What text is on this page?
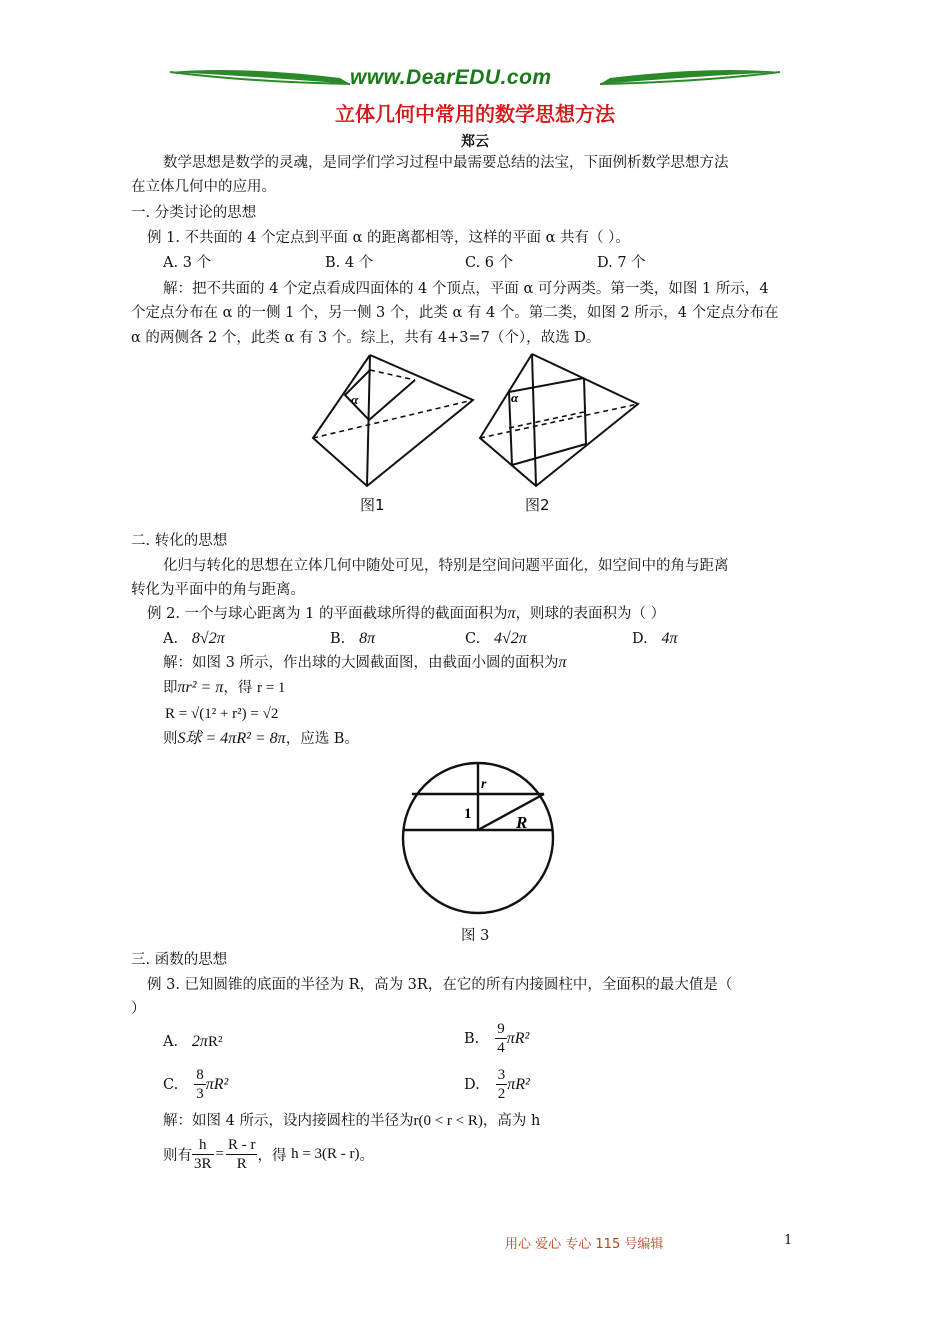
www.DearEDU.com
立体几何中常用的数学思想方法
郑云
数学思想是数学的灵魂，是同学们学习过程中最需要总结的法宝，下面例析数学思想方法
在立体几何中的应用。
一. 分类讨论的思想
例 1. 不共面的 4 个定点到平面 α 的距离都相等，这样的平面 α 共有（ ）。
A. 3 个	B. 4 个	C. 6 个	D. 7 个
解：把不共面的 4 个定点看成四面体的 4 个顶点，平面 α 可分两类。第一类，如图 1 所示，4
个定点分布在 α 的一侧 1 个，另一侧 3 个，此类 α 有 4 个。第二类，如图 2 所示，4 个定点分布在
α 的两侧各 2 个，此类 α 有 3 个。综上，共有 4+3=7（个），故选 D。
α
图1
α
图2
二. 转化的思想
化归与转化的思想在立体几何中随处可见，特别是空间问题平面化，如空间中的角与距离
转化为平面中的角与距离。
例 2. 一个与球心距离为 1 的平面截球所得的截面面积为π，则球的表面积为（ ）
A. 8√2π	B. 8π	C. 4√2π	D. 4π
解：如图 3 所示，作出球的大圆截面图，由截面小圆的面积为π
即πr² = π，得 r = 1
R = √(1² + r²) = √2
则S球 = 4πR² = 8π，应选 B。
r
1	R
图 3
三. 函数的思想
例 3. 已知圆锥的底面的半径为 R，高为 3R，在它的所有内接圆柱中，全面积的最大值是（
）
A. 2πR²	B. $\frac{9}{4} \pi R^2$
C. $\frac{8}{3} \pi R^2$	D. $\frac{3}{2} \pi R^2$
解：如图 4 所示，设内接圆柱的半径为r(0 < r < R)，高为 h
则有 $\frac{h}{3R} = \frac{R - r}{R}$ ，得
h = 3(R - r) 。
用心 爱心 专心 115 号编辑	1
